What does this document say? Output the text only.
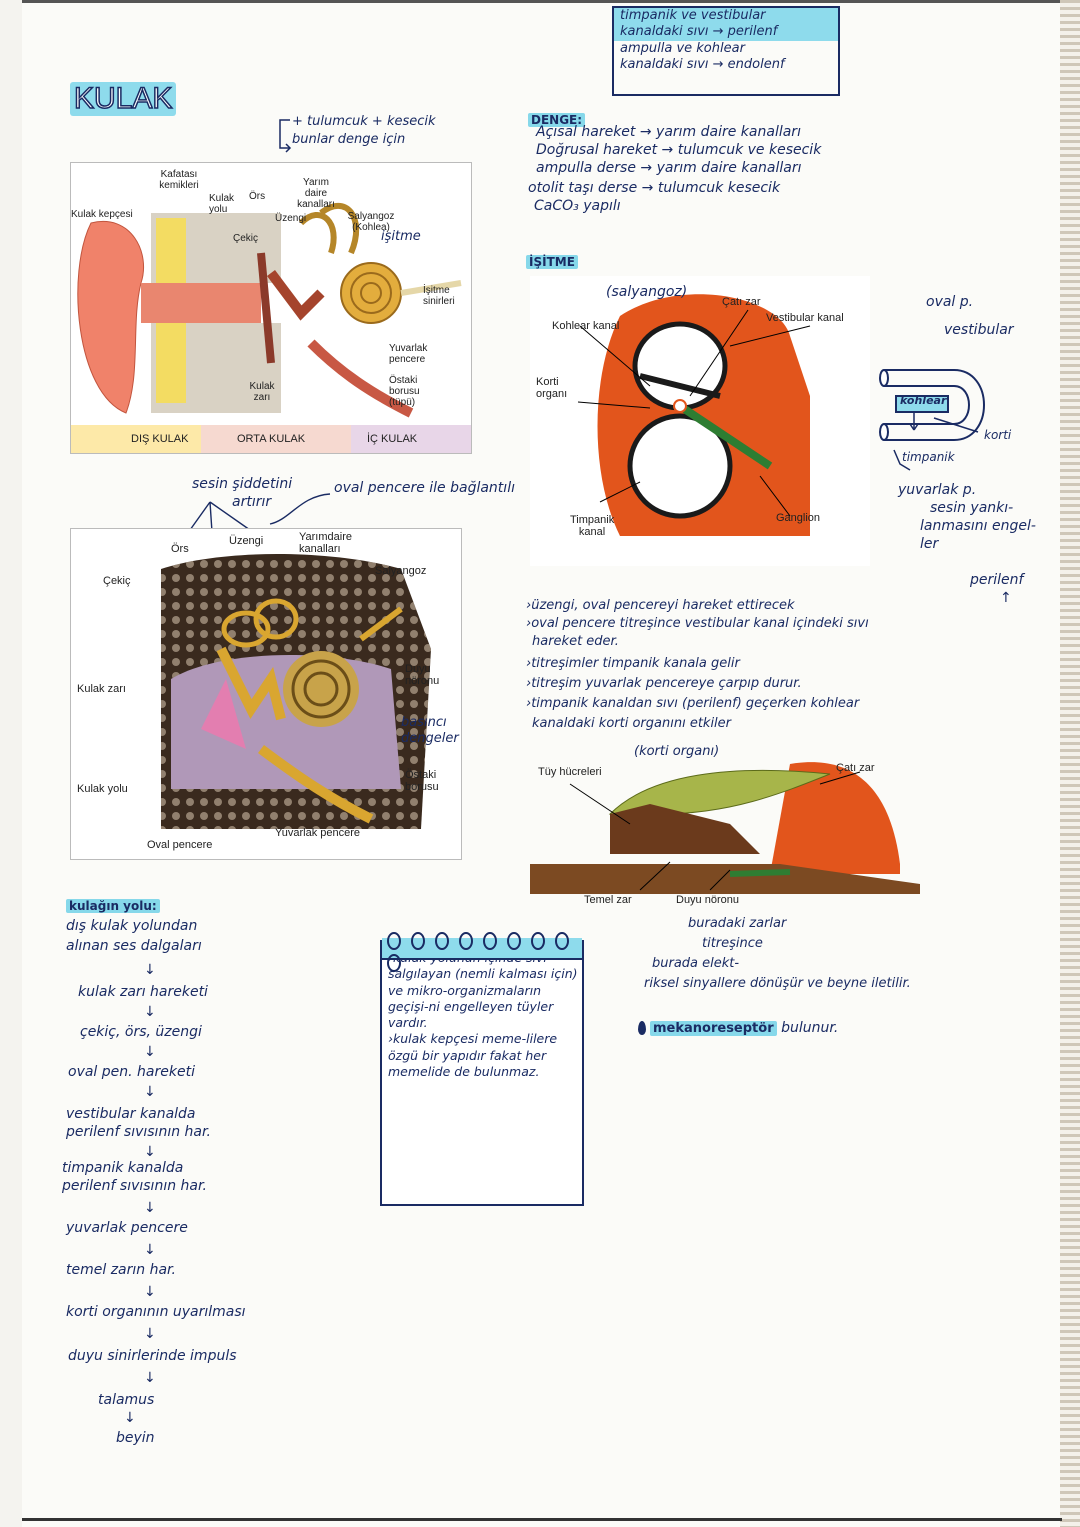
timpanik ve vestibular
kanaldaki sıvı → perilenf
ampulla ve kohlear
kanaldaki sıvı → endolenf
KULAK
+ tulumcuk + kesecik
bunlar denge için
Kulak kepçesi
Kafatası kemikleri
Kulak yolu
Örs
Çekiç
Üzengi
Yarım daire kanalları
Salyangoz (Kohlea)
işitme
İşitme sinirleri
Yuvarlak pencere
Östaki borusu (tüpü)
Kulak zarı
DIŞ KULAK	ORTA KULAK	İÇ KULAK
sesin şiddetini
artırır
oval pencere ile bağlantılı
Örs
Üzengi	Yarımdaire kanalları
Salyangoz
Çekiç
Kulak zarı
Duyu nöronu
basıncı dengeler
Kulak yolu
Östaki borusu
Oval pencere
Yuvarlak pencere
DENGE:
Açısal hareket → yarım daire kanalları
Doğrusal hareket → tulumcuk ve kesecik
ampulla derse → yarım daire kanalları
otolit taşı derse → tulumcuk kesecik
CaCO₃ yapılı
İŞİTME
(salyangoz)
Çatı zar
Vestibular kanal
Kohlear kanal
Korti organı
Timpanik kanal
Ganglion
oval p.
vestibular
kohlear
korti
timpanik
yuvarlak p.
sesin yankı-
lanmasını engel-
ler
perilenf
↑
›üzengi, oval pencereyi hareket ettirecek
›oval pencere titreşince vestibular kanal içindeki sıvı
hareket eder.
›titreşimler timpanik kanala gelir
›titreşim yuvarlak pencereye çarpıp durur.
›timpanik kanaldan sıvı (perilenf) geçerken kohlear
kanaldaki korti organını etkiler
(korti organı)
Tüy hücreleri	Çatı zar
Temel zar	Duyu nöronu
buradaki zarlar
titreşince
burada elekt-
riksel sinyallere dönüşür ve beyne iletilir.
mekanoreseptör bulunur.
kulağın yolu:
dış kulak yolundan
alınan ses dalgaları
↓
kulak zarı hareketi
↓
çekiç, örs, üzengi
↓
oval pen. hareketi
↓
vestibular kanalda
perilenf sıvısının har.
↓
timpanik kanalda
perilenf sıvısının har.
↓
yuvarlak pencere
↓
temel zarın har.
↓
korti organının uyarılması
↓
duyu sinirlerinde impuls
↓
talamus
↓
beyin
salgılayan (nemli kalması için) ve mikro-organizmaların geçişi-ni engelleyen tüyler vardır.
›kulak kepçesi meme-lilere özgü bir yapıdır fakat her memelide de bulunmaz.
